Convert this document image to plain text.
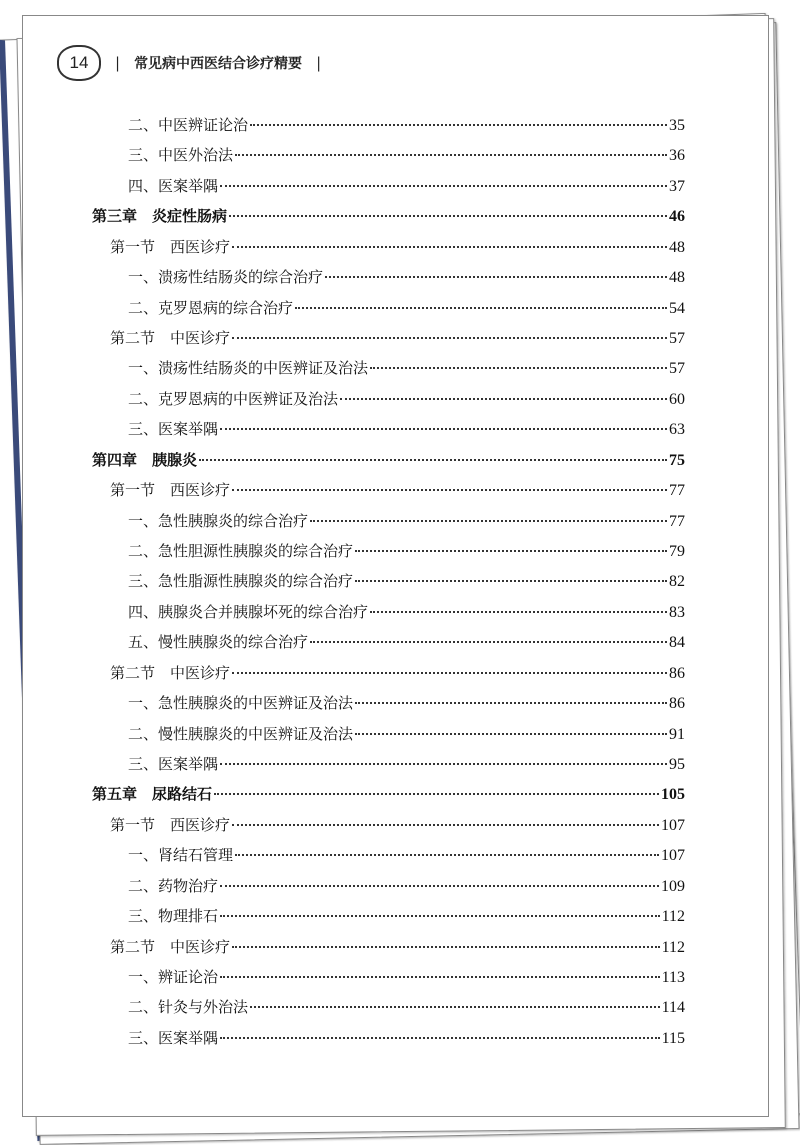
14	| 常见病中西医结合诊疗精要 |
二、中医辨证论治	35
三、中医外治法	36
四、医案举隅	37
第三章　炎症性肠病	46
第一节　西医诊疗	48
一、溃疡性结肠炎的综合治疗	48
二、克罗恩病的综合治疗	54
第二节　中医诊疗	57
一、溃疡性结肠炎的中医辨证及治法	57
二、克罗恩病的中医辨证及治法	60
三、医案举隅	63
第四章　胰腺炎	75
第一节　西医诊疗	77
一、急性胰腺炎的综合治疗	77
二、急性胆源性胰腺炎的综合治疗	79
三、急性脂源性胰腺炎的综合治疗	82
四、胰腺炎合并胰腺坏死的综合治疗	83
五、慢性胰腺炎的综合治疗	84
第二节　中医诊疗	86
一、急性胰腺炎的中医辨证及治法	86
二、慢性胰腺炎的中医辨证及治法	91
三、医案举隅	95
第五章　尿路结石	105
第一节　西医诊疗	107
一、肾结石管理	107
二、药物治疗	109
三、物理排石	112
第二节　中医诊疗	112
一、辨证论治	113
二、针灸与外治法	114
三、医案举隅	115
